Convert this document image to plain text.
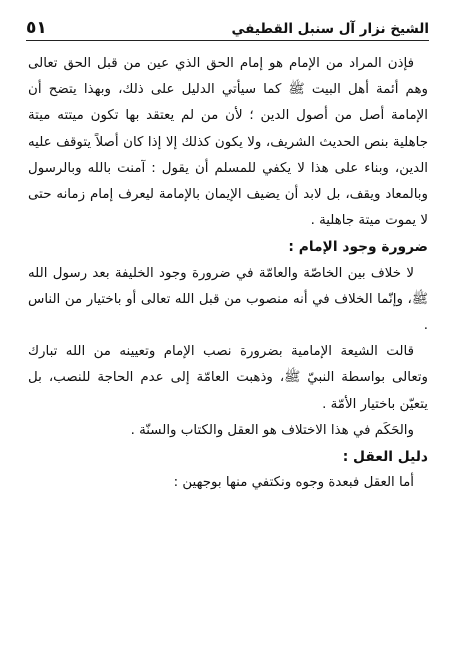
الشيخ نزار آل سنبل القطيفي
٥١

فإذن المراد من الإمام هو إمام الحق الذي عين من قبل الحق تعالى وهم أئمة أهل البيت ﷺ كما سيأتي الدليل على ذلك، وبهذا يتضح أن الإمامة أصل من أصول الدين ؛ لأن من لم يعتقد بها تكون ميتته ميتة جاهلية بنص الحديث الشريف، ولا يكون كذلك إلا إذا كان أصلاً يتوقف عليه الدين، وبناء على هذا لا يكفي للمسلم أن يقول : آمنت بالله وبالرسول وبالمعاد ويقف، بل لابد أن يضيف الإيمان بالإمامة ليعرف إمام زمانه حتى لا يموت ميتة جاهلية .

ضرورة وجود الإمام :

لا خلاف بين الخاصّة والعامّة في ضرورة وجود الخليفة بعد رسول الله ﷺ، وإنّما الخلاف في أنه منصوب من قبل الله تعالى أو باختيار من الناس .

قالت الشيعة الإمامية بضرورة نصب الإمام وتعيينه من الله تبارك وتعالى بواسطة النبيّ ﷺ، وذهبت العامّة إلى عدم الحاجة للنصب، بل يتعيّن باختيار الأمّة .

والحَكَم في هذا الاختلاف هو العقل والكتاب والسنّة .

دليل العقل :

أما العقل فبعدة وجوه ونكتفي منها بوجهين :
